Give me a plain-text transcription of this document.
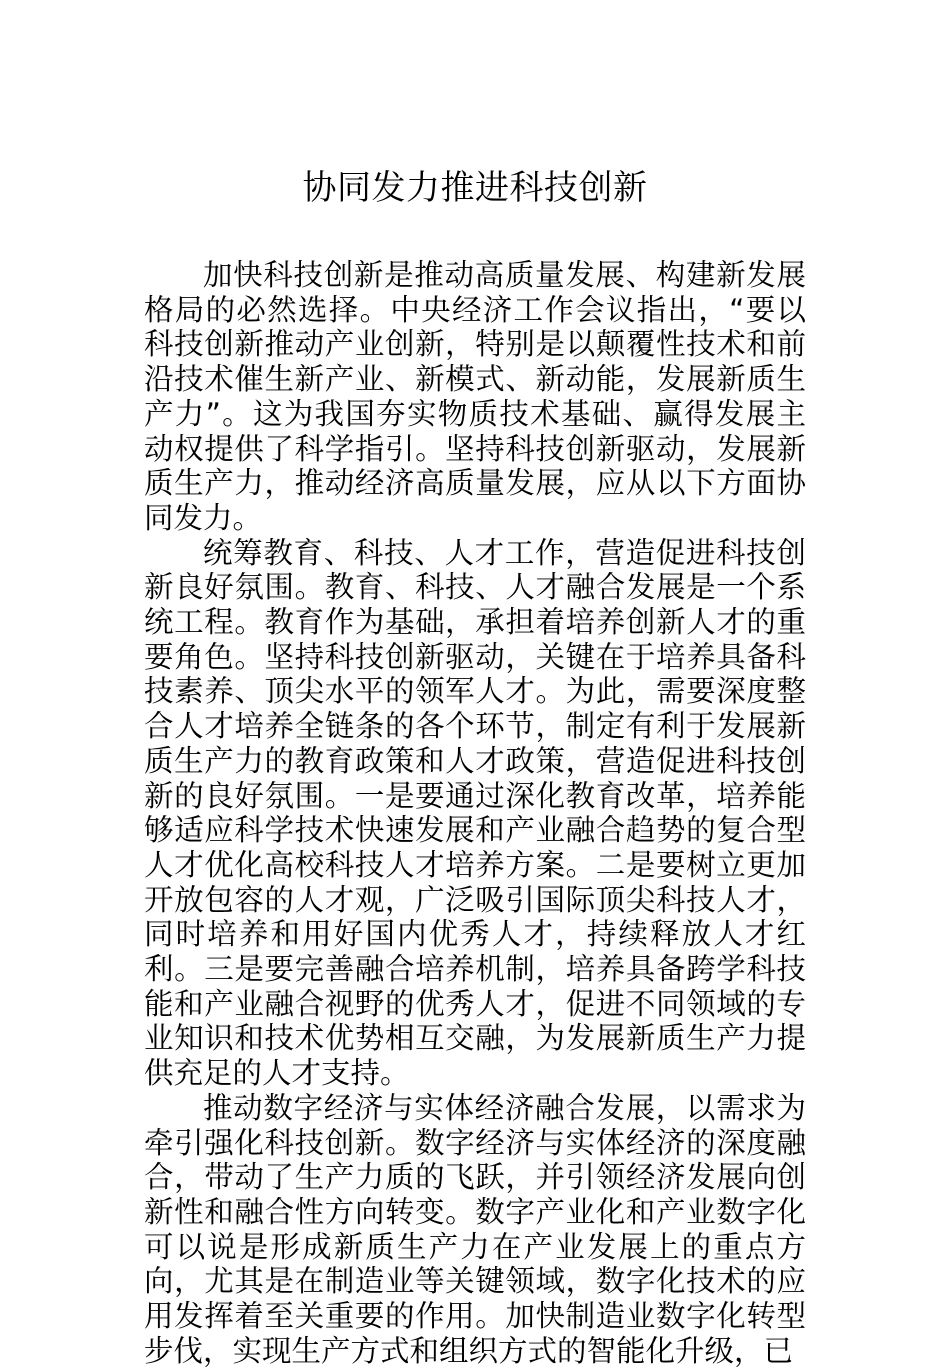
协同发力推进科技创新

加快科技创新是推动高质量发展、构建新发展格局的必然选择。中央经济工作会议指出，“要以科技创新推动产业创新，特别是以颠覆性技术和前沿技术催生新产业、新模式、新动能，发展新质生产力”。这为我国夯实物质技术基础、赢得发展主动权提供了科学指引。坚持科技创新驱动，发展新质生产力，推动经济高质量发展，应从以下方面协同发力。

统筹教育、科技、人才工作，营造促进科技创新良好氛围。教育、科技、人才融合发展是一个系统工程。教育作为基础，承担着培养创新人才的重要角色。坚持科技创新驱动，关键在于培养具备科技素养、顶尖水平的领军人才。为此，需要深度整合人才培养全链条的各个环节，制定有利于发展新质生产力的教育政策和人才政策，营造促进科技创新的良好氛围。一是要通过深化教育改革，培养能够适应科学技术快速发展和产业融合趋势的复合型人才优化高校科技人才培养方案。二是要树立更加开放包容的人才观，广泛吸引国际顶尖科技人才，同时培养和用好国内优秀人才，持续释放人才红利。三是要完善融合培养机制，培养具备跨学科技能和产业融合视野的优秀人才，促进不同领域的专业知识和技术优势相互交融，为发展新质生产力提供充足的人才支持。

推动数字经济与实体经济融合发展，以需求为牵引强化科技创新。数字经济与实体经济的深度融合，带动了生产力质的飞跃，并引领经济发展向创新性和融合性方向转变。数字产业化和产业数字化可以说是形成新质生产力在产业发展上的重点方向，尤其是在制造业等关键领域，数字化技术的应用发挥着至关重要的作用。加快制造业数字化转型步伐，实现生产方式和组织方式的智能化升级，已
